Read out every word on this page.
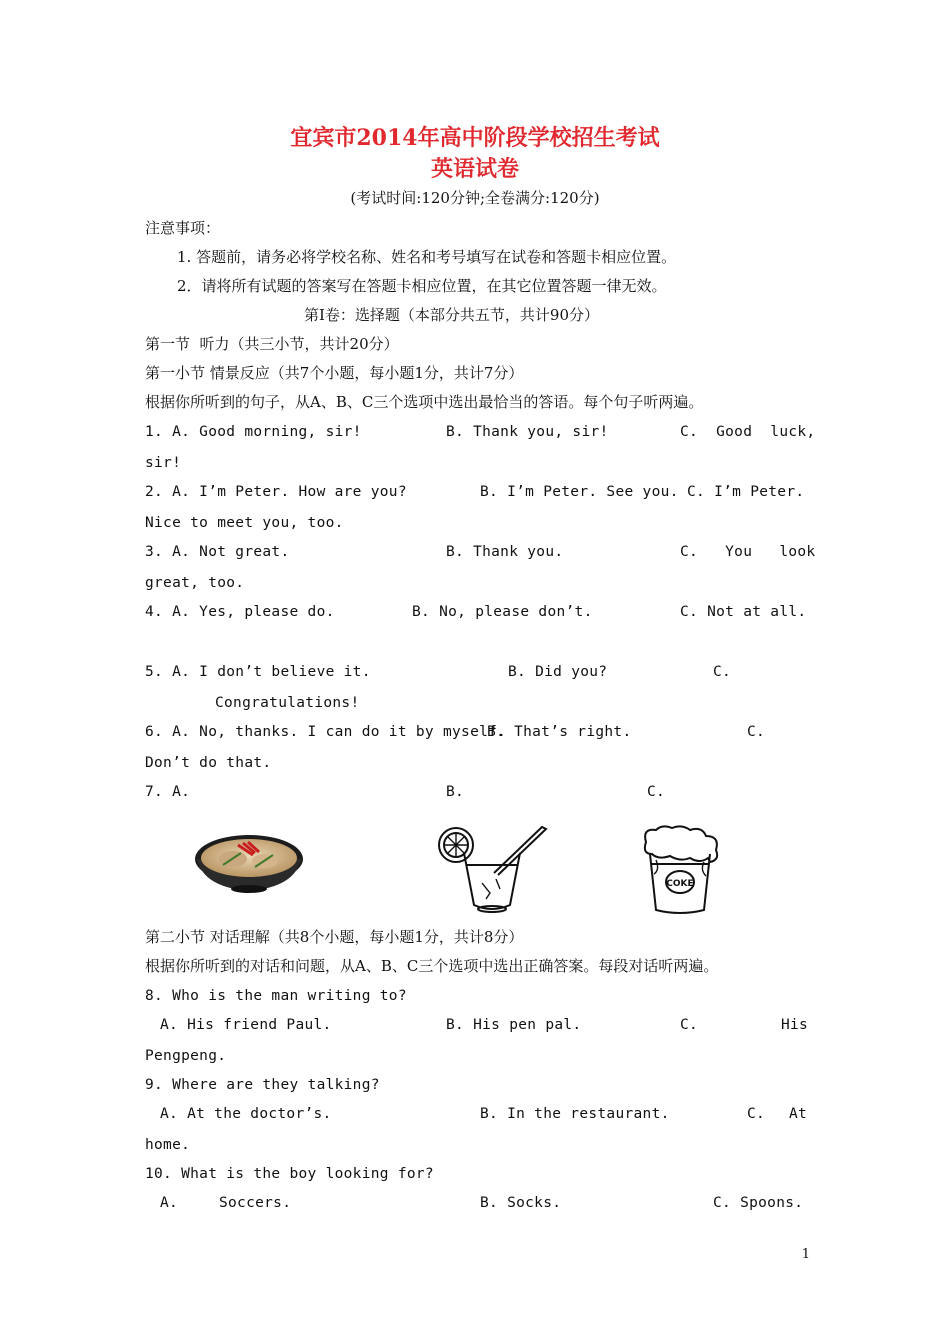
宜宾市2014年高中阶段学校招生考试
英语试卷
(考试时间:120分钟;全卷满分:120分)
注意事项：
1. 答题前，请务必将学校名称、姓名和考号填写在试卷和答题卡相应位置。
2．请将所有试题的答案写在答题卡相应位置，在其它位置答题一律无效。
第Ⅰ卷：选择题（本部分共五节，共计90分）
第一节  听力（共三小节，共计20分）
第一小节 情景反应（共7个小题，每小题1分，共计7分）
根据你所听到的句子，从A、B、C三个选项中选出最恰当的答语。每个句子听两遍。
1. A. Good morning, sir!	B. Thank you, sir!	C.  Good  luck,
sir!
2. A. I’m Peter. How are you?	B. I’m Peter. See you. C. I’m Peter.
Nice to meet you, too.
3. A. Not great.	B. Thank you.	C.   You   look
great, too.
4. A. Yes, please do.	B. No, please don’t.	C. Not at all.
5. A. I don’t believe it.	B. Did you?	C.
Congratulations!
6. A. No, thanks. I can do it by myself.
B. That’s right.	C.
Don’t do that.
7. A.	B.	C.
COKE
第二小节 对话理解（共8个小题，每小题1分，共计8分）
根据你所听到的对话和问题，从A、B、C三个选项中选出正确答案。每段对话听两遍。
8. Who is the man writing to?
A. His friend Paul.	B. His pen pal.	C.	His
Pengpeng.
9. Where are they talking?
A. At the doctor’s.	B. In the restaurant.	C. At
home.
10. What is the boy looking for?
A.	Soccers.	B. Socks.	C. Spoons.
1
